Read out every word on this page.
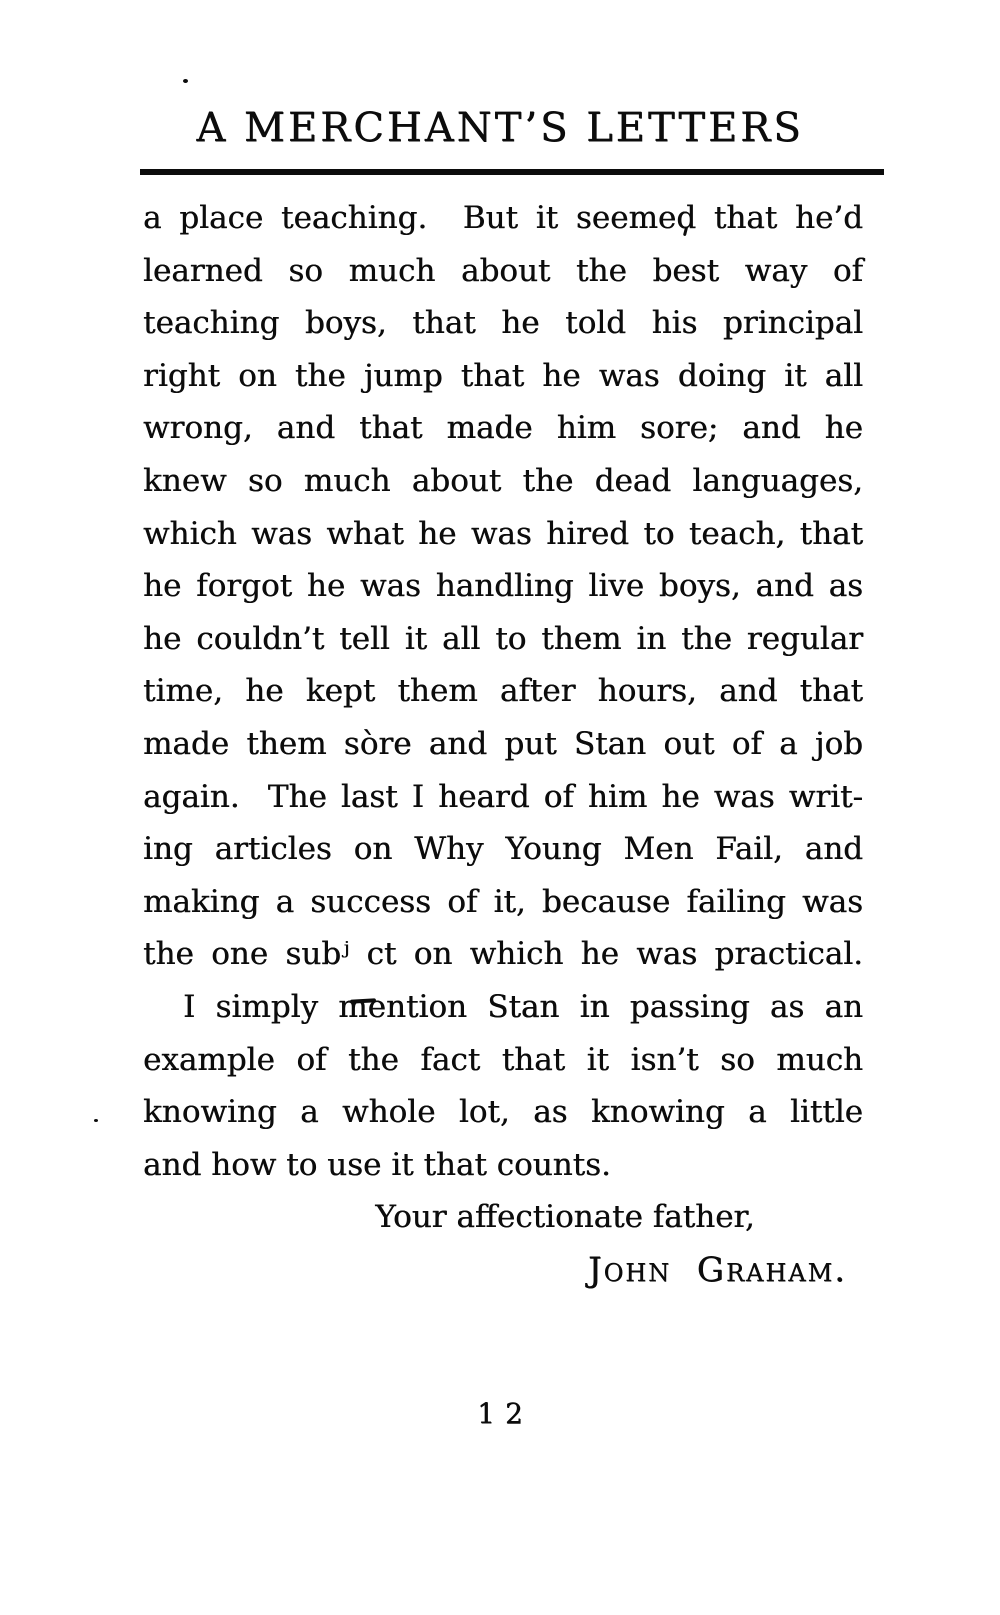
A MERCHANT’S LETTERS
a place teaching.  But it seemed that he’d
learned so much about the best way of
teaching boys, that he told his principal
right on the jump that he was doing it all
wrong, and that made him sore; and he
knew so much about the dead languages,
which was what he was hired to teach, that
he forgot he was handling live boys, and as
he couldn’t tell it all to them in the regular
time, he kept them after hours, and that
made them sòre and put Stan out of a job
again.  The last I heard of him he was writ-
ing articles on Why Young Men Fail, and
making a success of it, because failing was
the one subʲ ct on which he was practical.
I simply mention Stan in passing as an
example of the fact that it isn’t so much
knowing a whole lot, as knowing a little
and how to use it that counts.
Your affectionate father,
John  Graham.
12
